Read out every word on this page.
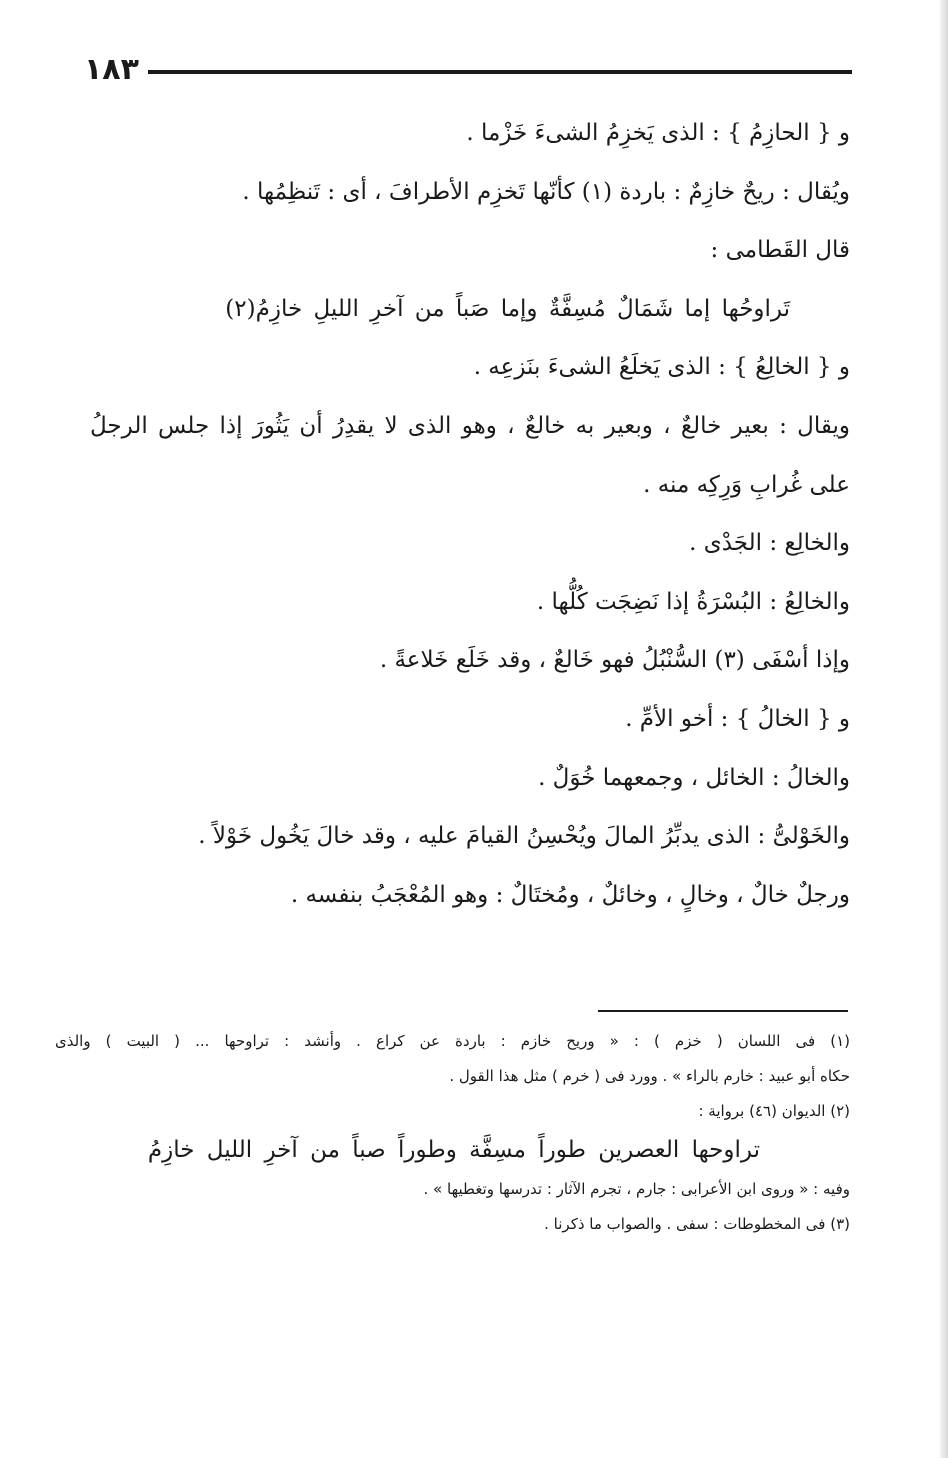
١٨٣
و { الحازِمُ } : الذى يَخزِمُ الشىءَ خَزْما .
ويُقال : ريحٌ خازِمٌ : باردة (١) كأنّها تَخزِم الأطرافَ ، أى : تَنظِمُها .
قال القَطامى :
تَراوحُها إما شَمَالٌ مُسِفَّةٌ وإما صَباً من آخرِ الليلِ خازِمُ(٢)
و { الخالِعُ } : الذى يَخلَعُ الشىءَ بنَزعِه .
ويقال : بعير خالعٌ ، وبعير به خالعٌ ، وهو الذى لا يقدِرُ أن يَثُورَ إذا جلس الرجلُ
على غُرابِ وَرِكِه منه .
والخالِع : الجَدْى .
والخالِعُ : البُسْرَةُ إذا نَضِجَت كُلُّها .
وإذا أسْفَى (٣) السُّنْبُلُ فهو خَالعٌ ، وقد خَلَع خَلاعةً .
و { الخالُ } : أخو الأمِّ .
والخالُ : الخائل ، وجمعهما خُوَلٌ .
والخَوْلىُّ : الذى يدبِّرُ المالَ ويُحْسِنُ القيامَ عليه ، وقد خالَ يَخُول خَوْلاً .
ورجلٌ خالٌ ، وخالٍ ، وخائلٌ ، ومُختَالٌ : وهو المُعْجَبُ بنفسه .
(١) فى اللسان ( خزم ) : « وريح خازم : باردة عن كراع . وأنشد : تراوحها ... ( البيت ) والذى
حكاه أبو عبيد : خارم بالراء » . وورد فى ( خرم ) مثل هذا القول .
(٢) الديوان (٤٦) برواية :
تراوحها العصرين طوراً مسِفَّة وطوراً صباً من آخرِ الليل خازِمُ
وفيه : « وروى ابن الأعرابى : جارم ، تجرم الآثار : تدرسها وتغطيها » .
(٣) فى المخطوطات : سفى . والصواب ما ذكرنا .
